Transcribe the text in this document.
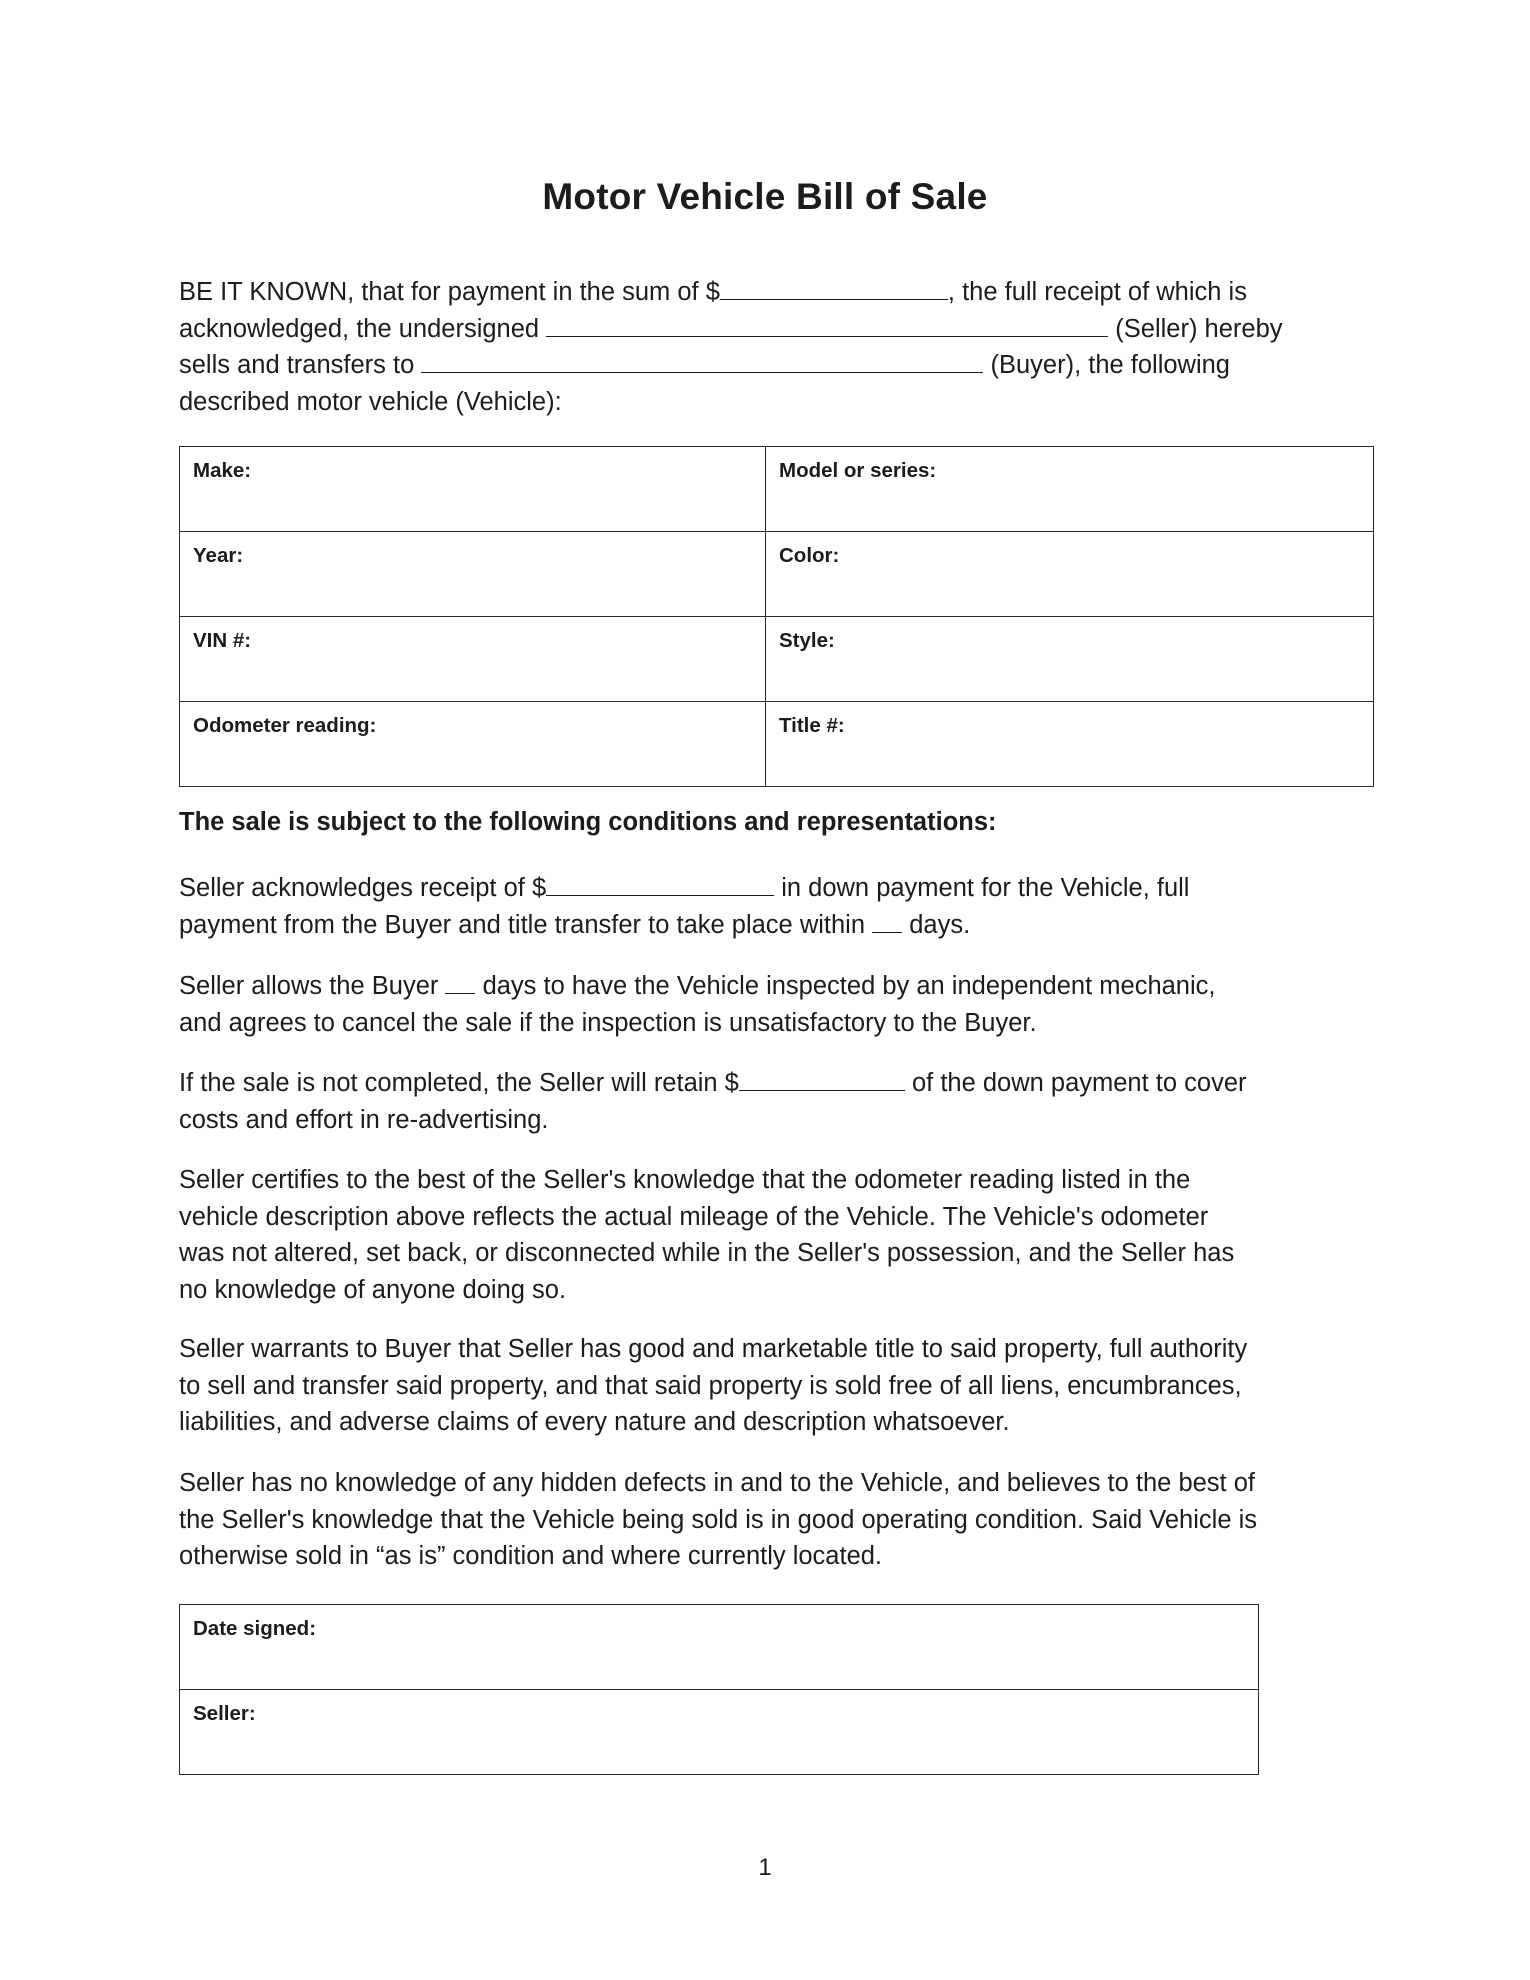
Motor Vehicle Bill of Sale
BE IT KNOWN, that for payment in the sum of $	, the full receipt of which is
acknowledged, the undersigned	(Seller) hereby
sells and transfers to	(Buyer), the following
described motor vehicle (Vehicle):
Make:	Model or series:
Year:	Color:
VIN #:	Style:
Odometer reading:	Title #:
The sale is subject to the following conditions and representations:
Seller acknowledges receipt of $	in down payment for the Vehicle, full
payment from the Buyer and title transfer to take place within days.
Seller allows the Buyer days to have the Vehicle inspected by an independent mechanic,
and agrees to cancel the sale if the inspection is unsatisfactory to the Buyer.
If the sale is not completed, the Seller will retain $	of the down payment to cover
costs and effort in re-advertising.
Seller certifies to the best of the Seller's knowledge that the odometer reading listed in the
vehicle description above reflects the actual mileage of the Vehicle. The Vehicle's odometer
was not altered, set back, or disconnected while in the Seller's possession, and the Seller has
no knowledge of anyone doing so.
Seller warrants to Buyer that Seller has good and marketable title to said property, full authority
to sell and transfer said property, and that said property is sold free of all liens, encumbrances,
liabilities, and adverse claims of every nature and description whatsoever.
Seller has no knowledge of any hidden defects in and to the Vehicle, and believes to the best of
the Seller's knowledge that the Vehicle being sold is in good operating condition. Said Vehicle is
otherwise sold in “as is” condition and where currently located.
Date signed:
Seller:
1
